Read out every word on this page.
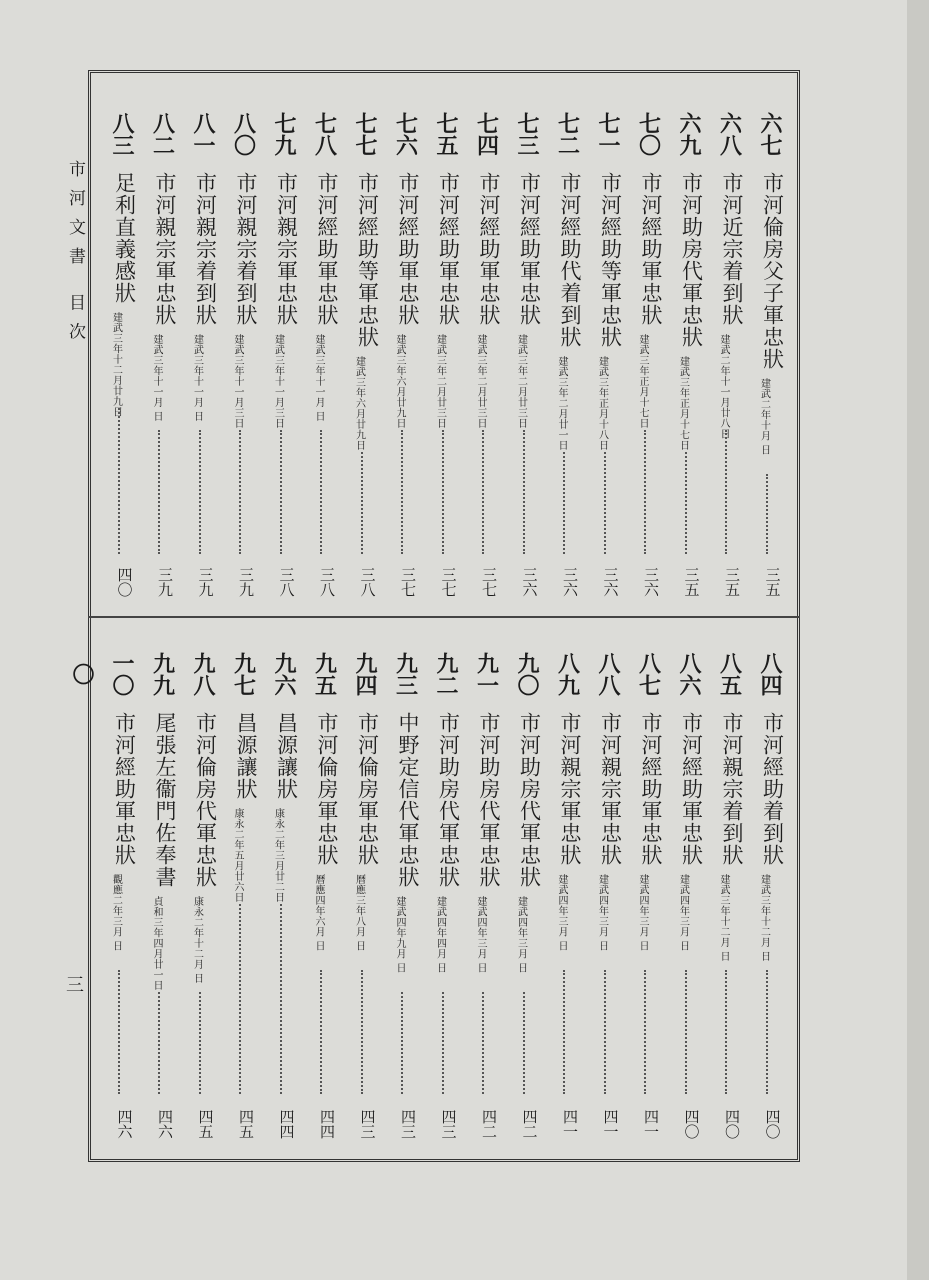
市河文書 目次
三
六七
市河倫房父子軍忠狀
建武二年十月 日
三五
六八
市河近宗着到狀
建武二年十一月廿八日
三五
六九
市河助房代軍忠狀
建武三年正月十七日
三五
七〇
市河經助軍忠狀
建武三年正月十七日
三六
七一
市河經助等軍忠狀
建武三年正月十八日
三六
七二
市河經助代着到狀
建武三年二月廿一日
三六
七三
市河經助軍忠狀
建武三年二月廿三日
三六
七四
市河經助軍忠狀
建武三年二月廿三日
三七
七五
市河經助軍忠狀
建武三年二月廿三日
三七
七六
市河經助軍忠狀
建武三年六月廿九日
三七
七七
市河經助等軍忠狀
建武三年六月廿九日
三八
七八
市河經助軍忠狀
建武三年十一月 日
三八
七九
市河親宗軍忠狀
建武三年十一月三日
三八
八〇
市河親宗着到狀
建武三年十一月三日
三九
八一
市河親宗着到狀
建武三年十一月 日
三九
八二
市河親宗軍忠狀
建武三年十一月 日
三九
八三
足利直義感狀
建武三年十二月廿九日
四〇
八四
市河經助着到狀
建武三年十二月 日
四〇
八五
市河親宗着到狀
建武三年十二月 日
四〇
八六
市河經助軍忠狀
建武四年三月 日
四〇
八七
市河經助軍忠狀
建武四年三月 日
四一
八八
市河親宗軍忠狀
建武四年三月 日
四一
八九
市河親宗軍忠狀
建武四年三月 日
四一
九〇
市河助房代軍忠狀
建武四年三月 日
四二
九一
市河助房代軍忠狀
建武四年三月 日
四二
九二
市河助房代軍忠狀
建武四年四月 日
四三
九三
中野定信代軍忠狀
建武四年九月 日
四三
九四
市河倫房軍忠狀
曆應三年八月 日
四三
九五
市河倫房軍忠狀
曆應四年六月 日
四四
九六
昌源讓狀
康永二年三月廿二日
四四
九七
昌源讓狀
康永二年五月廿六日
四五
九八
市河倫房代軍忠狀
康永二年十二月 日
四五
九九
尾張左衞門佐奉書
貞和三年四月廿一日
四六
一〇〇
市河經助軍忠狀
觀應二年三月 日
四六
